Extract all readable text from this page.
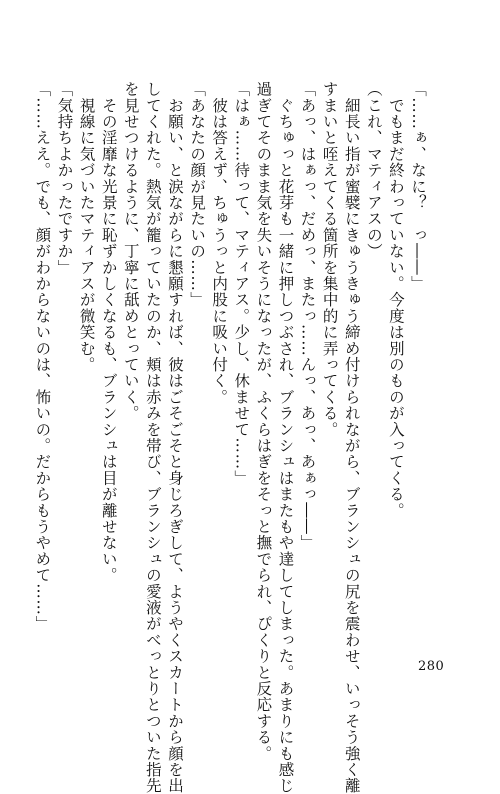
「……ぁ、なに？　っ――」
　でもまだ終わっていない。今度は別のものが入ってくる。
（これ、マティアスの）
　細長い指が蜜襞にきゅうきゅう締め付けられながら、ブランシュの尻を震わせ、いっそう強く離
すまいと咥えてくる箇所を集中的に弄ってくる。
「あっ、はぁっ、だめっ、またっ……んっ、あっ、あぁっ――」
　ぐちゅっと花芽も一緒に押しつぶされ、ブランシュはまたもや達してしまった。あまりにも感じ
過ぎてそのまま気を失いそうになったが、ふくらはぎをそっと撫でられ、ぴくりと反応する。
「はぁ……待って、マティアス。少し、休ませて……」
　彼は答えず、ちゅうっと内股に吸い付く。
「あなたの顔が見たいの……」
　お願い、と涙ながらに懇願すれば、彼はごそごそと身じろぎして、ようやくスカートから顔を出
してくれた。熱気が籠っていたのか、頬は赤みを帯び、ブランシュの愛液がべっとりとついた指先
を見せつけるように、丁寧に舐めとっていく。
　その淫靡な光景に恥ずかしくなるも、ブランシュは目が離せない。
　視線に気づいたマティアスが微笑む。
「気持ちよかったですか」
「……ええ。でも、顔がわからないのは、怖いの。だからもうやめて……」
280
